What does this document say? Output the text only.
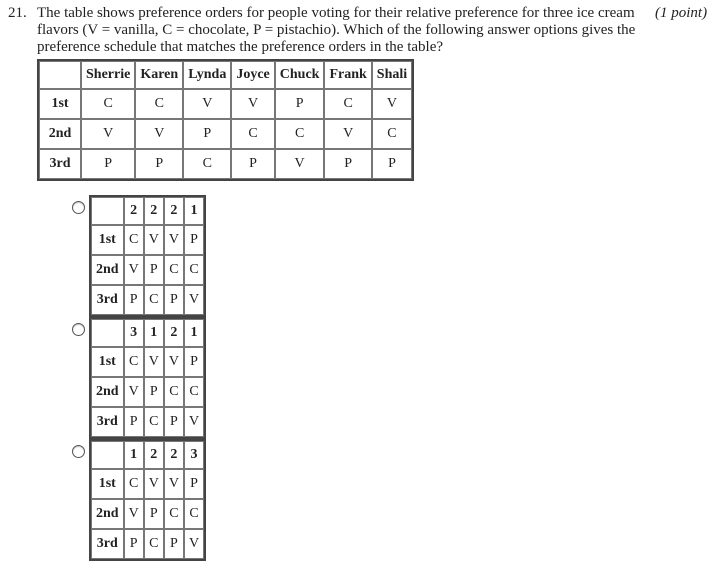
21. The table shows preference orders for people voting for their relative preference for three ice cream flavors (V = vanilla, C = chocolate, P = pistachio). Which of the following answer options gives the preference schedule that matches the preference orders in the table?
(1 point)
	Sherrie	Karen	Lynda	Joyce	Chuck	Frank	Shali
1st	C	C	V	V	P	C	V
2nd	V	V	P	C	C	V	C
3rd	P	P	C	P	V	P	P
	2	2	2	1
1st	C	V	V	P
2nd	V	P	C	C
3rd	P	C	P	V
	3	1	2	1
1st	C	V	V	P
2nd	V	P	C	C
3rd	P	C	P	V
	1	2	2	3
1st	C	V	V	P
2nd	V	P	C	C
3rd	P	C	P	V
